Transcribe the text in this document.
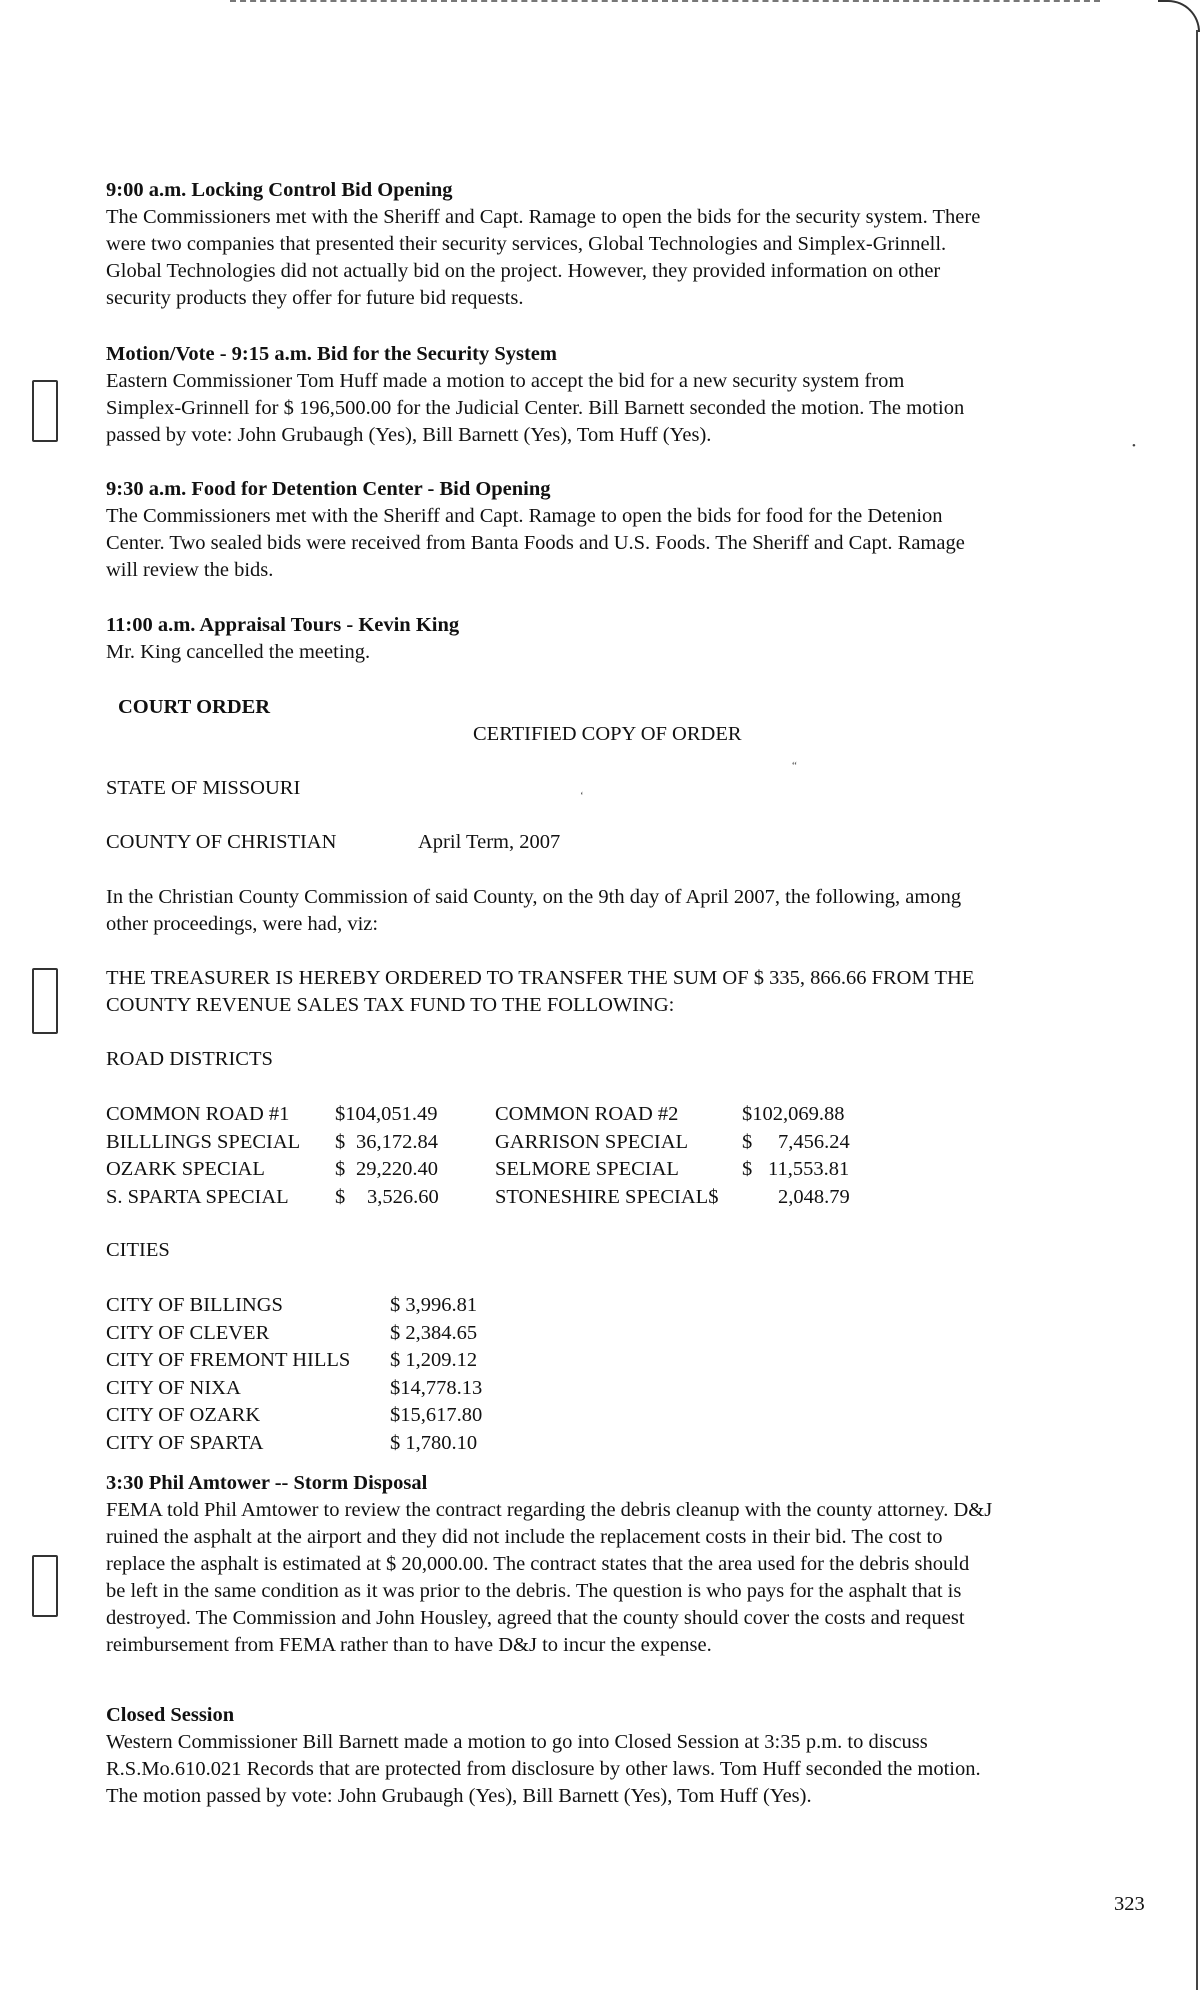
•
“
‘
9:00 a.m. Locking Control Bid Opening
The Commissioners met with the Sheriff and Capt. Ramage to open the bids for the security system. There
were two companies that presented their security services, Global Technologies and Simplex-Grinnell.
Global Technologies did not actually bid on the project. However, they provided information on other
security products they offer for future bid requests.
Motion/Vote - 9:15 a.m. Bid for the Security System
Eastern Commissioner Tom Huff made a motion to accept the bid for a new security system from
Simplex-Grinnell for $ 196,500.00 for the Judicial Center. Bill Barnett seconded the motion. The motion
passed by vote: John Grubaugh (Yes), Bill Barnett (Yes), Tom Huff (Yes).
9:30 a.m. Food for Detention Center - Bid Opening
The Commissioners met with the Sheriff and Capt. Ramage to open the bids for food for the Detenion
Center. Two sealed bids were received from Banta Foods and U.S. Foods. The Sheriff and Capt. Ramage
will review the bids.
11:00 a.m. Appraisal Tours - Kevin King
Mr. King cancelled the meeting.
COURT ORDER
CERTIFIED COPY OF ORDER
STATE OF MISSOURI
COUNTY OF CHRISTIAN	April Term, 2007
In the Christian County Commission of said County, on the 9th day of April 2007, the following, among
other proceedings, were had, viz:
THE TREASURER IS HEREBY ORDERED TO TRANSFER THE SUM OF $ 335, 866.66 FROM THE
COUNTY REVENUE SALES TAX FUND TO THE FOLLOWING:
ROAD DISTRICTS
COMMON ROAD #1 $104,051.49	COMMON ROAD #2	$102,069.88
BILLLINGS SPECIAL $ 36,172.84	GARRISON SPECIAL	$ 7,456.24
OZARK SPECIAL	$ 29,220.40	SELMORE SPECIAL	$ 11,553.81
S. SPARTA SPECIAL $ 3,526.60	STONESHIRE SPECIAL$	2,048.79
CITIES
CITY OF BILLINGS	$ 3,996.81
CITY OF CLEVER	$ 2,384.65
CITY OF FREMONT HILLS $ 1,209.12
CITY OF NIXA	$14,778.13
CITY OF OZARK	$15,617.80
CITY OF SPARTA	$ 1,780.10
3:30 Phil Amtower -- Storm Disposal
FEMA told Phil Amtower to review the contract regarding the debris cleanup with the county attorney. D&J
ruined the asphalt at the airport and they did not include the replacement costs in their bid. The cost to
replace the asphalt is estimated at $ 20,000.00. The contract states that the area used for the debris should
be left in the same condition as it was prior to the debris. The question is who pays for the asphalt that is
destroyed. The Commission and John Housley, agreed that the county should cover the costs and request
reimbursement from FEMA rather than to have D&J to incur the expense.
Closed Session
Western Commissioner Bill Barnett made a motion to go into Closed Session at 3:35 p.m. to discuss
R.S.Mo.610.021 Records that are protected from disclosure by other laws. Tom Huff seconded the motion.
The motion passed by vote: John Grubaugh (Yes), Bill Barnett (Yes), Tom Huff (Yes).
323
